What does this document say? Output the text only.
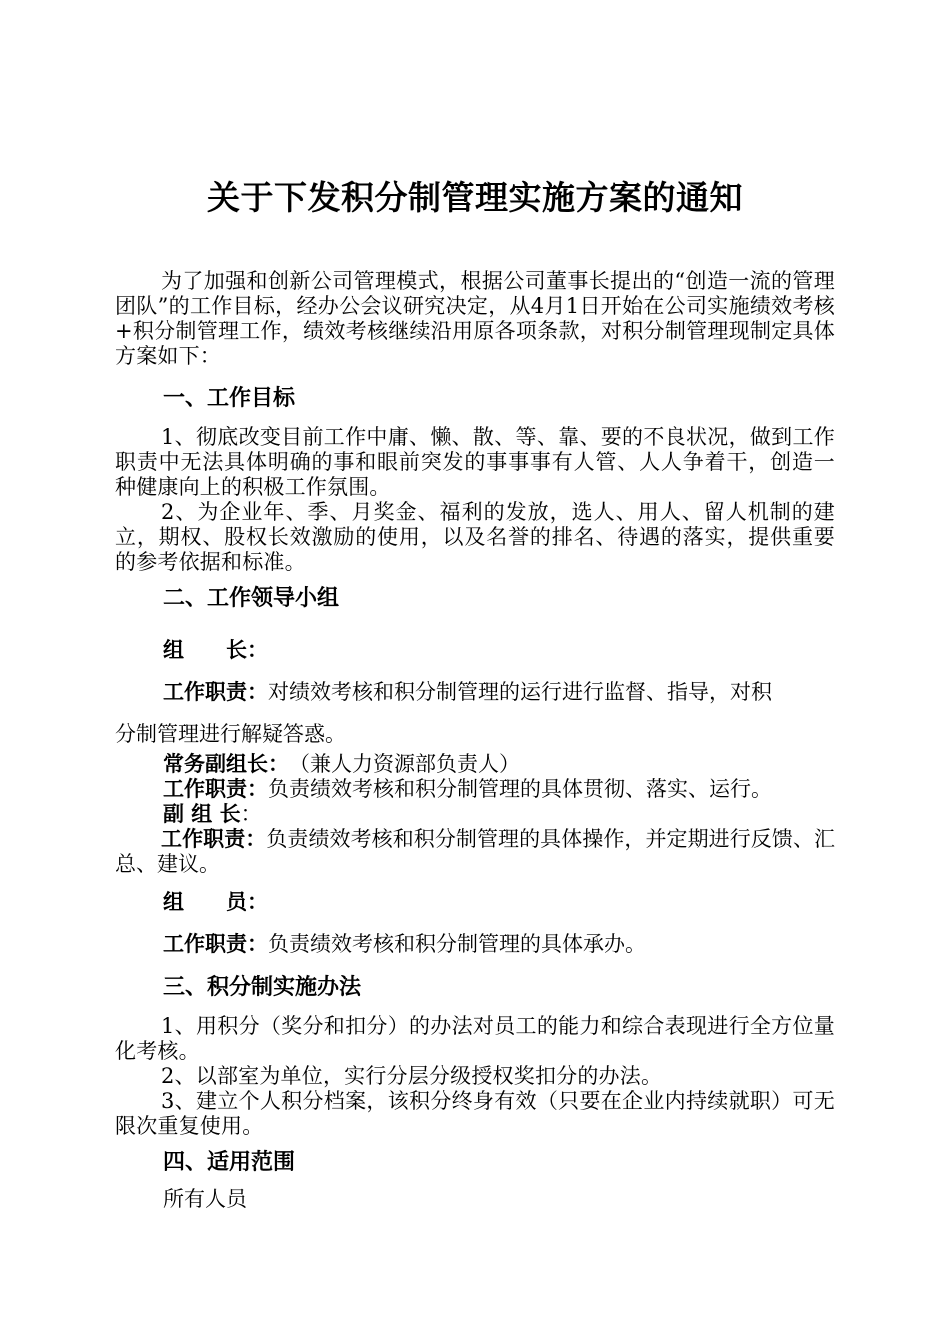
关于下发积分制管理实施方案的通知
为了加强和创新公司管理模式，根据公司董事长提出的“创造一流的管理团队”的工作目标，经办公会议研究决定，从4月1日开始在公司实施绩效考核+积分制管理工作，绩效考核继续沿用原各项条款，对积分制管理现制定具体方案如下：
一、工作目标
1、彻底改变目前工作中庸、懒、散、等、靠、要的不良状况，做到工作职责中无法具体明确的事和眼前突发的事事事有人管、人人争着干，创造一种健康向上的积极工作氛围。
2、为企业年、季、月奖金、福利的发放，选人、用人、留人机制的建立，期权、股权长效激励的使用，以及名誉的排名、待遇的落实，提供重要的参考依据和标准。
二、工作领导小组
组　　长：
工作职责：对绩效考核和积分制管理的运行进行监督、指导，对积
分制管理进行解疑答惑。
常务副组长：　（兼人力资源部负责人）
工作职责：负责绩效考核和积分制管理的具体贯彻、落实、运行。
副 组 长：
工作职责：负责绩效考核和积分制管理的具体操作，并定期进行反馈、汇总、建议。
组　　员：
工作职责：负责绩效考核和积分制管理的具体承办。
三、积分制实施办法
1、用积分（奖分和扣分）的办法对员工的能力和综合表现进行全方位量化考核。
2、以部室为单位，实行分层分级授权奖扣分的办法。
3、建立个人积分档案，该积分终身有效（只要在企业内持续就职）可无限次重复使用。
四、适用范围
所有人员
